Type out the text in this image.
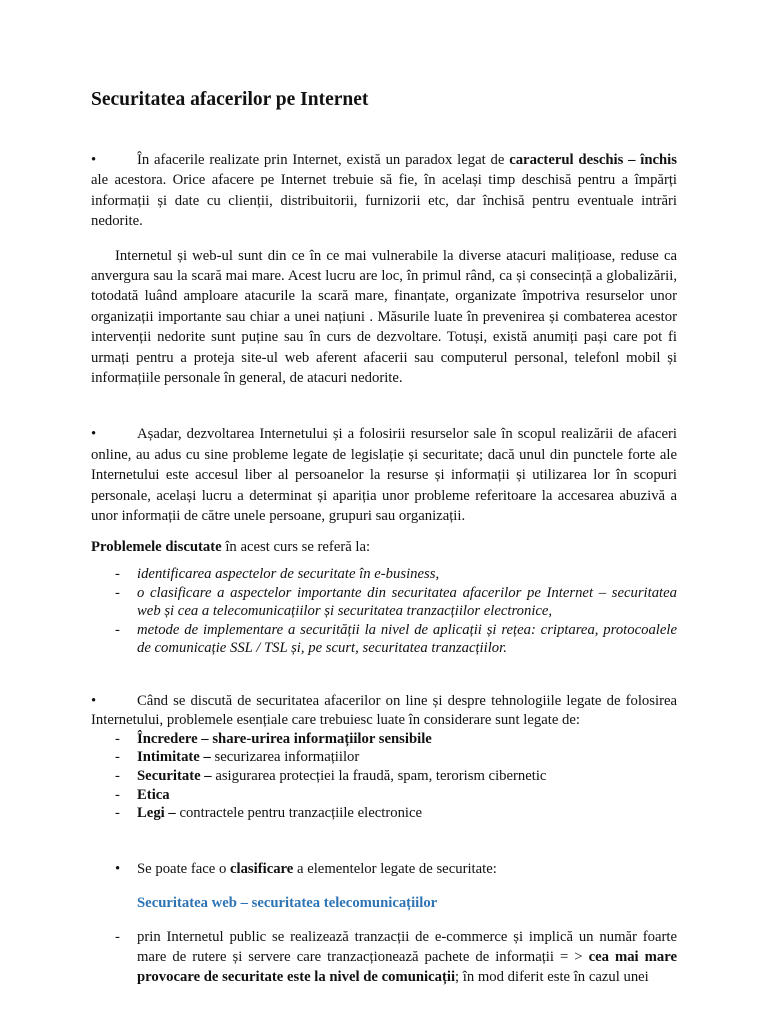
Securitatea afacerilor pe Internet

•	În afacerile realizate prin Internet, există un paradox legat de caracterul deschis – închis ale acestora. Orice afacere pe Internet trebuie să fie, în același timp deschisă pentru a împărți informații și date cu clienții, distribuitorii, furnizorii etc, dar închisă pentru eventuale intrări nedorite.

Internetul și web-ul sunt din ce în ce mai vulnerabile la diverse atacuri malițioase, reduse ca anvergura sau la scară mai mare. Acest lucru are loc, în primul rând, ca și consecință a globalizării, totodată luând amploare atacurile la scară mare, finanțate, organizate împotriva resurselor unor organizații importante sau chiar a unei națiuni . Măsurile luate în prevenirea și combaterea acestor intervenții nedorite sunt puține sau în curs de dezvoltare. Totuși, există anumiți pași care pot fi urmați pentru a proteja site-ul web aferent afacerii sau computerul personal, telefonl mobil și informațiile personale în general, de atacuri nedorite.

•	Așadar, dezvoltarea Internetului și a folosirii resurselor sale în scopul realizării de afaceri online, au adus cu sine probleme legate de legislație și securitate; dacă unul din punctele forte ale Internetului este accesul liber al persoanelor la resurse și informații și utilizarea lor în scopuri personale, același lucru a determinat și apariția unor probleme referitoare la accesarea abuzivă a unor informații de către unele persoane, grupuri sau organizații.

Problemele discutate în acest curs se referă la:

- identificarea aspectelor de securitate în e-business,
- o clasificare a aspectelor importante din securitatea afacerilor pe Internet – securitatea web și cea a telecomunicațiilor și securitatea tranzacțiilor electronice,
- metode de implementare a securității la nivel de aplicații și rețea: criptarea, protocoalele de comunicație SSL / TSL și, pe scurt, securitatea tranzacțiilor.

•	Când se discută de securitatea afacerilor on line și despre tehnologiile legate de folosirea Internetului, problemele esențiale care trebuiesc luate în considerare sunt legate de:

- Încredere – share-urirea informațiilor sensibile
- Intimitate – securizarea informațiilor
- Securitate – asigurarea protecției la fraudă, spam, terorism cibernetic
- Etica
- Legi – contractele pentru tranzacțiile electronice

• Se poate face o clasificare a elementelor legate de securitate:

Securitatea web – securitatea telecomunicațiilor
- prin Internetul public se realizează tranzacții de e-commerce și implică un număr foarte mare de rutere și servere care tranzacționează pachete de informații = > cea mai mare provocare de securitate este la nivel de comunicații; în mod diferit este în cazul unei
